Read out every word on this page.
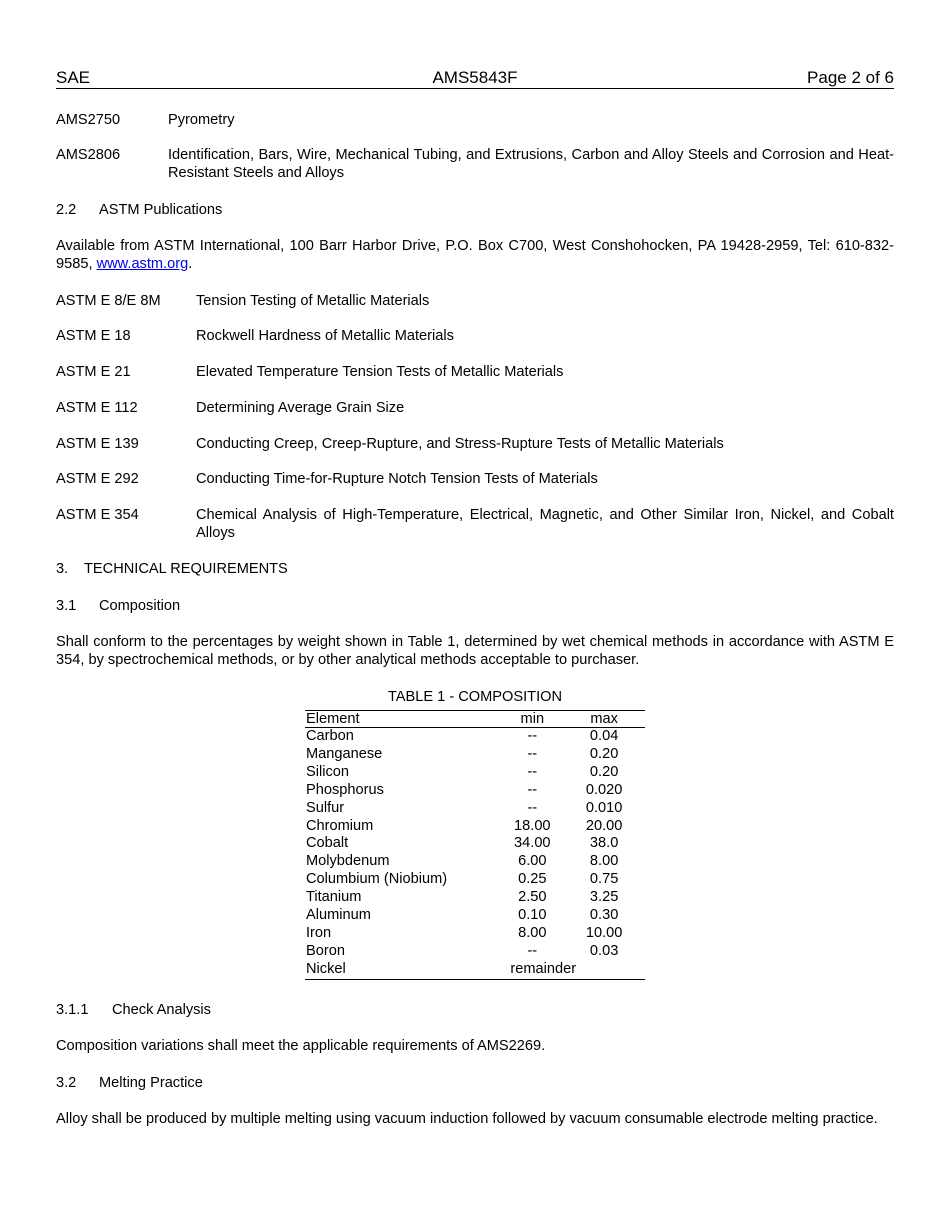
AMS5843F
SAE	Page 2 of 6
AMS2750	Pyrometry
AMS2806	Identification, Bars, Wire, Mechanical Tubing, and Extrusions, Carbon and Alloy Steels and Corrosion and Heat-Resistant Steels and Alloys
2.2 ASTM Publications
Available from ASTM International, 100 Barr Harbor Drive, P.O. Box C700, West Conshohocken, PA 19428-2959, Tel: 610-832-9585, www.astm.org.
ASTM E 8/E 8M	Tension Testing of Metallic Materials
ASTM E 18	Rockwell Hardness of Metallic Materials
ASTM E 21	Elevated Temperature Tension Tests of Metallic Materials
ASTM E 112	Determining Average Grain Size
ASTM E 139	Conducting Creep, Creep-Rupture, and Stress-Rupture Tests of Metallic Materials
ASTM E 292	Conducting Time-for-Rupture Notch Tension Tests of Materials
ASTM E 354	Chemical Analysis of High-Temperature, Electrical, Magnetic, and Other Similar Iron, Nickel, and Cobalt Alloys
3. TECHNICAL REQUIREMENTS
3.1 Composition
Shall conform to the percentages by weight shown in Table 1, determined by wet chemical methods in accordance with ASTM E 354, by spectrochemical methods, or by other analytical methods acceptable to purchaser.
TABLE 1 - COMPOSITION
Element	min	max
Carbon	--	0.04
Manganese	--	0.20
Silicon	--	0.20
Phosphorus	--	0.020
Sulfur	--	0.010
Chromium	18.00	20.00
Cobalt	34.00	38.0
Molybdenum	6.00	8.00
Columbium (Niobium)	0.25	0.75
Titanium	2.50	3.25
Aluminum	0.10	0.30
Iron	8.00	10.00
Boron	--	0.03
Nickel	remainder	
3.1.1 Check Analysis
Composition variations shall meet the applicable requirements of AMS2269.
3.2 Melting Practice
Alloy shall be produced by multiple melting using vacuum induction followed by vacuum consumable electrode melting practice.
